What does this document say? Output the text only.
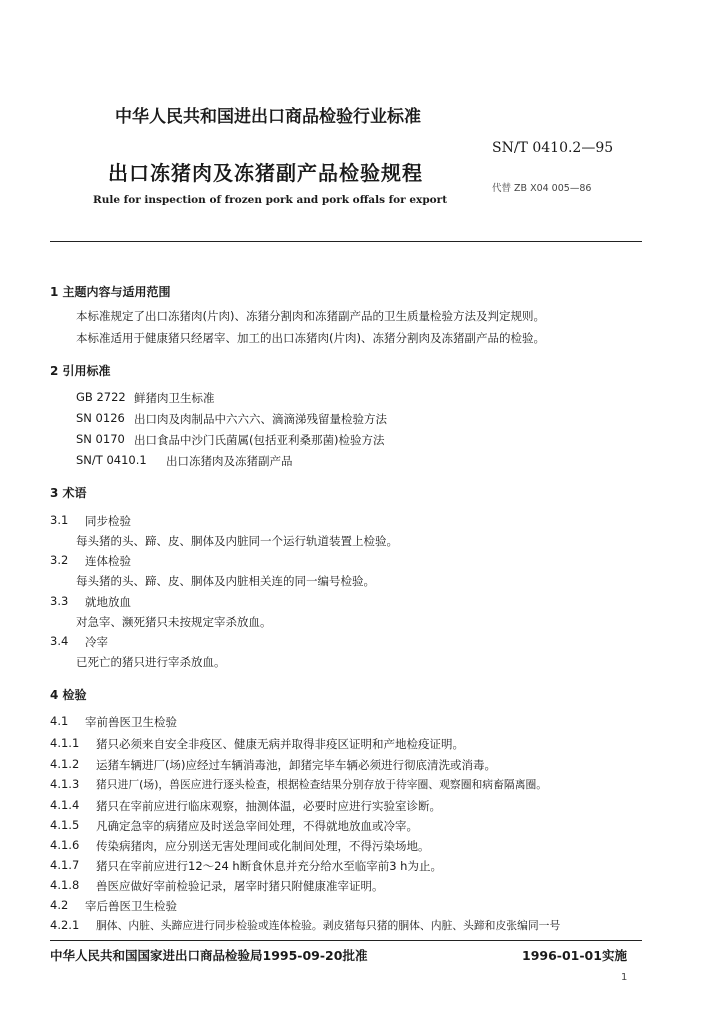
中华人民共和国进出口商品检验行业标准
SN/T 0410.2—95
出口冻猪肉及冻猪副产品检验规程
代替 ZB X04 005—86
Rule for inspection of frozen pork and pork offals for export
1 主题内容与适用范围
本标准规定了出口冻猪肉(片肉)、冻猪分割肉和冻猪副产品的卫生质量检验方法及判定规则。
本标准适用于健康猪只经屠宰、加工的出口冻猪肉(片肉)、冻猪分割肉及冻猪副产品的检验。
2 引用标准
GB 2722 鲜猪肉卫生标准
SN 0126 出口肉及肉制品中六六六、滴滴涕残留量检验方法
SN 0170 出口食品中沙门氏菌属(包括亚利桑那菌)检验方法
SN/T 0410.1 出口冻猪肉及冻猪副产品
3 术语
3.1 同步检验
每头猪的头、蹄、皮、胴体及内脏同一个运行轨道装置上检验。
3.2 连体检验
每头猪的头、蹄、皮、胴体及内脏相关连的同一编号检验。
3.3 就地放血
对急宰、濒死猪只未按规定宰杀放血。
3.4 冷宰
已死亡的猪只进行宰杀放血。
4 检验
4.1 宰前兽医卫生检验
4.1.1 猪只必须来自安全非疫区、健康无病并取得非疫区证明和产地检疫证明。
4.1.2 运猪车辆进厂(场)应经过车辆消毒池，卸猪完毕车辆必须进行彻底清洗或消毒。
4.1.3 猪只进厂(场)，兽医应进行逐头检查，根据检查结果分别存放于待宰圈、观察圈和病畜隔离圈。
4.1.4 猪只在宰前应进行临床观察，抽测体温，必要时应进行实验室诊断。
4.1.5 凡确定急宰的病猪应及时送急宰间处理，不得就地放血或冷宰。
4.1.6 传染病猪肉，应分别送无害处理间或化制间处理，不得污染场地。
4.1.7 猪只在宰前应进行12～24 h断食休息并充分给水至临宰前3 h为止。
4.1.8 兽医应做好宰前检验记录，屠宰时猪只附健康准宰证明。
4.2 宰后兽医卫生检验
4.2.1 胴体、内脏、头蹄应进行同步检验或连体检验。剥皮猪每只猪的胴体、内脏、头蹄和皮张编同一号
中华人民共和国国家进出口商品检验局1995-09-20批准	1996-01-01实施
1
